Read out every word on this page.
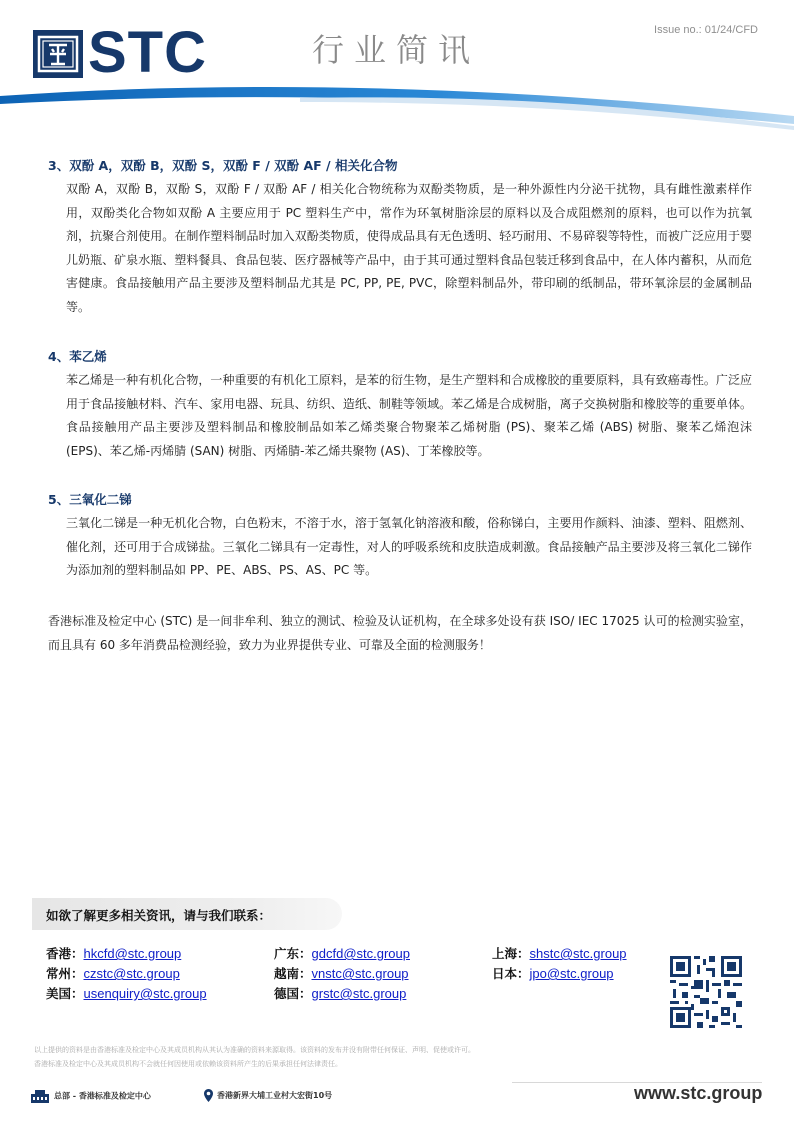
STC	行业简讯
Issue no.: 01/24/CFD
3、双酚 A，双酚 B，双酚 S，双酚 F / 双酚 AF / 相关化合物
双酚 A，双酚 B，双酚 S，双酚 F / 双酚 AF / 相关化合物统称为双酚类物质，是一种外源性内分泌干扰物，具有雌性激素样作用，双酚类化合物如双酚 A 主要应用于 PC 塑料生产中，常作为环氧树脂涂层的原料以及合成阻燃剂的原料，也可以作为抗氧剂，抗聚合剂使用。在制作塑料制品时加入双酚类物质，使得成品具有无色透明、轻巧耐用、不易碎裂等特性，而被广泛应用于婴儿奶瓶、矿泉水瓶、塑料餐具、食品包装、医疗器械等产品中，由于其可通过塑料食品包装迁移到食品中，在人体内蓄积，从而危害健康。食品接触用产品主要涉及塑料制品尤其是 PC, PP, PE, PVC，除塑料制品外，带印刷的纸制品，带环氧涂层的金属制品等。
4、苯乙烯
苯乙烯是一种有机化合物，一种重要的有机化工原料，是苯的衍生物，是生产塑料和合成橡胶的重要原料，具有致癌毒性。广泛应用于食品接触材料、汽车、家用电器、玩具、纺织、造纸、制鞋等领域。苯乙烯是合成树脂，离子交换树脂和橡胶等的重要单体。食品接触用产品主要涉及塑料制品和橡胶制品如苯乙烯类聚合物聚苯乙烯树脂 (PS)、聚苯乙烯 (ABS) 树脂、聚苯乙烯泡沫 (EPS)、苯乙烯-丙烯腈 (SAN) 树脂、丙烯腈-苯乙烯共聚物 (AS)、丁苯橡胶等。
5、三氧化二锑
三氧化二锑是一种无机化合物，白色粉末，不溶于水，溶于氢氧化钠溶液和酸，俗称锑白，主要用作颜料、油漆、塑料、阻燃剂、催化剂，还可用于合成锑盐。三氧化二锑具有一定毒性，对人的呼吸系统和皮肤造成刺激。食品接触产品主要涉及将三氧化二锑作为添加剂的塑料制品如 PP、PE、ABS、PS、AS、PC 等。
香港标准及检定中心 (STC) 是一间非牟利、独立的测试、检验及认证机构，在全球多处设有获 ISO/ IEC 17025 认可的检测实验室，而且具有 60 多年消费品检测经验，致力为业界提供专业、可靠及全面的检测服务！
如欲了解更多相关资讯，请与我们联系：
香港：hkcfd@stc.group	广东：gdcfd@stc.group	上海：shstc@stc.group
常州：czstc@stc.group	越南：vnstc@stc.group	日本：jpo@stc.group
美国：usenquiry@stc.group	德国：grstc@stc.group
以上提供的资料是由香港标准及检定中心及其成员机构从其认为准确的资料来源取得。该资料的发布并没有附带任何保证、声明、促使或许可。
香港标准及检定中心及其成员机构不会就任何因使用或依赖该资料所产生的后果承担任何法律责任。
总部 - 香港标准及检定中心	香港新界大埔工业村大宏街10号	www.stc.group
